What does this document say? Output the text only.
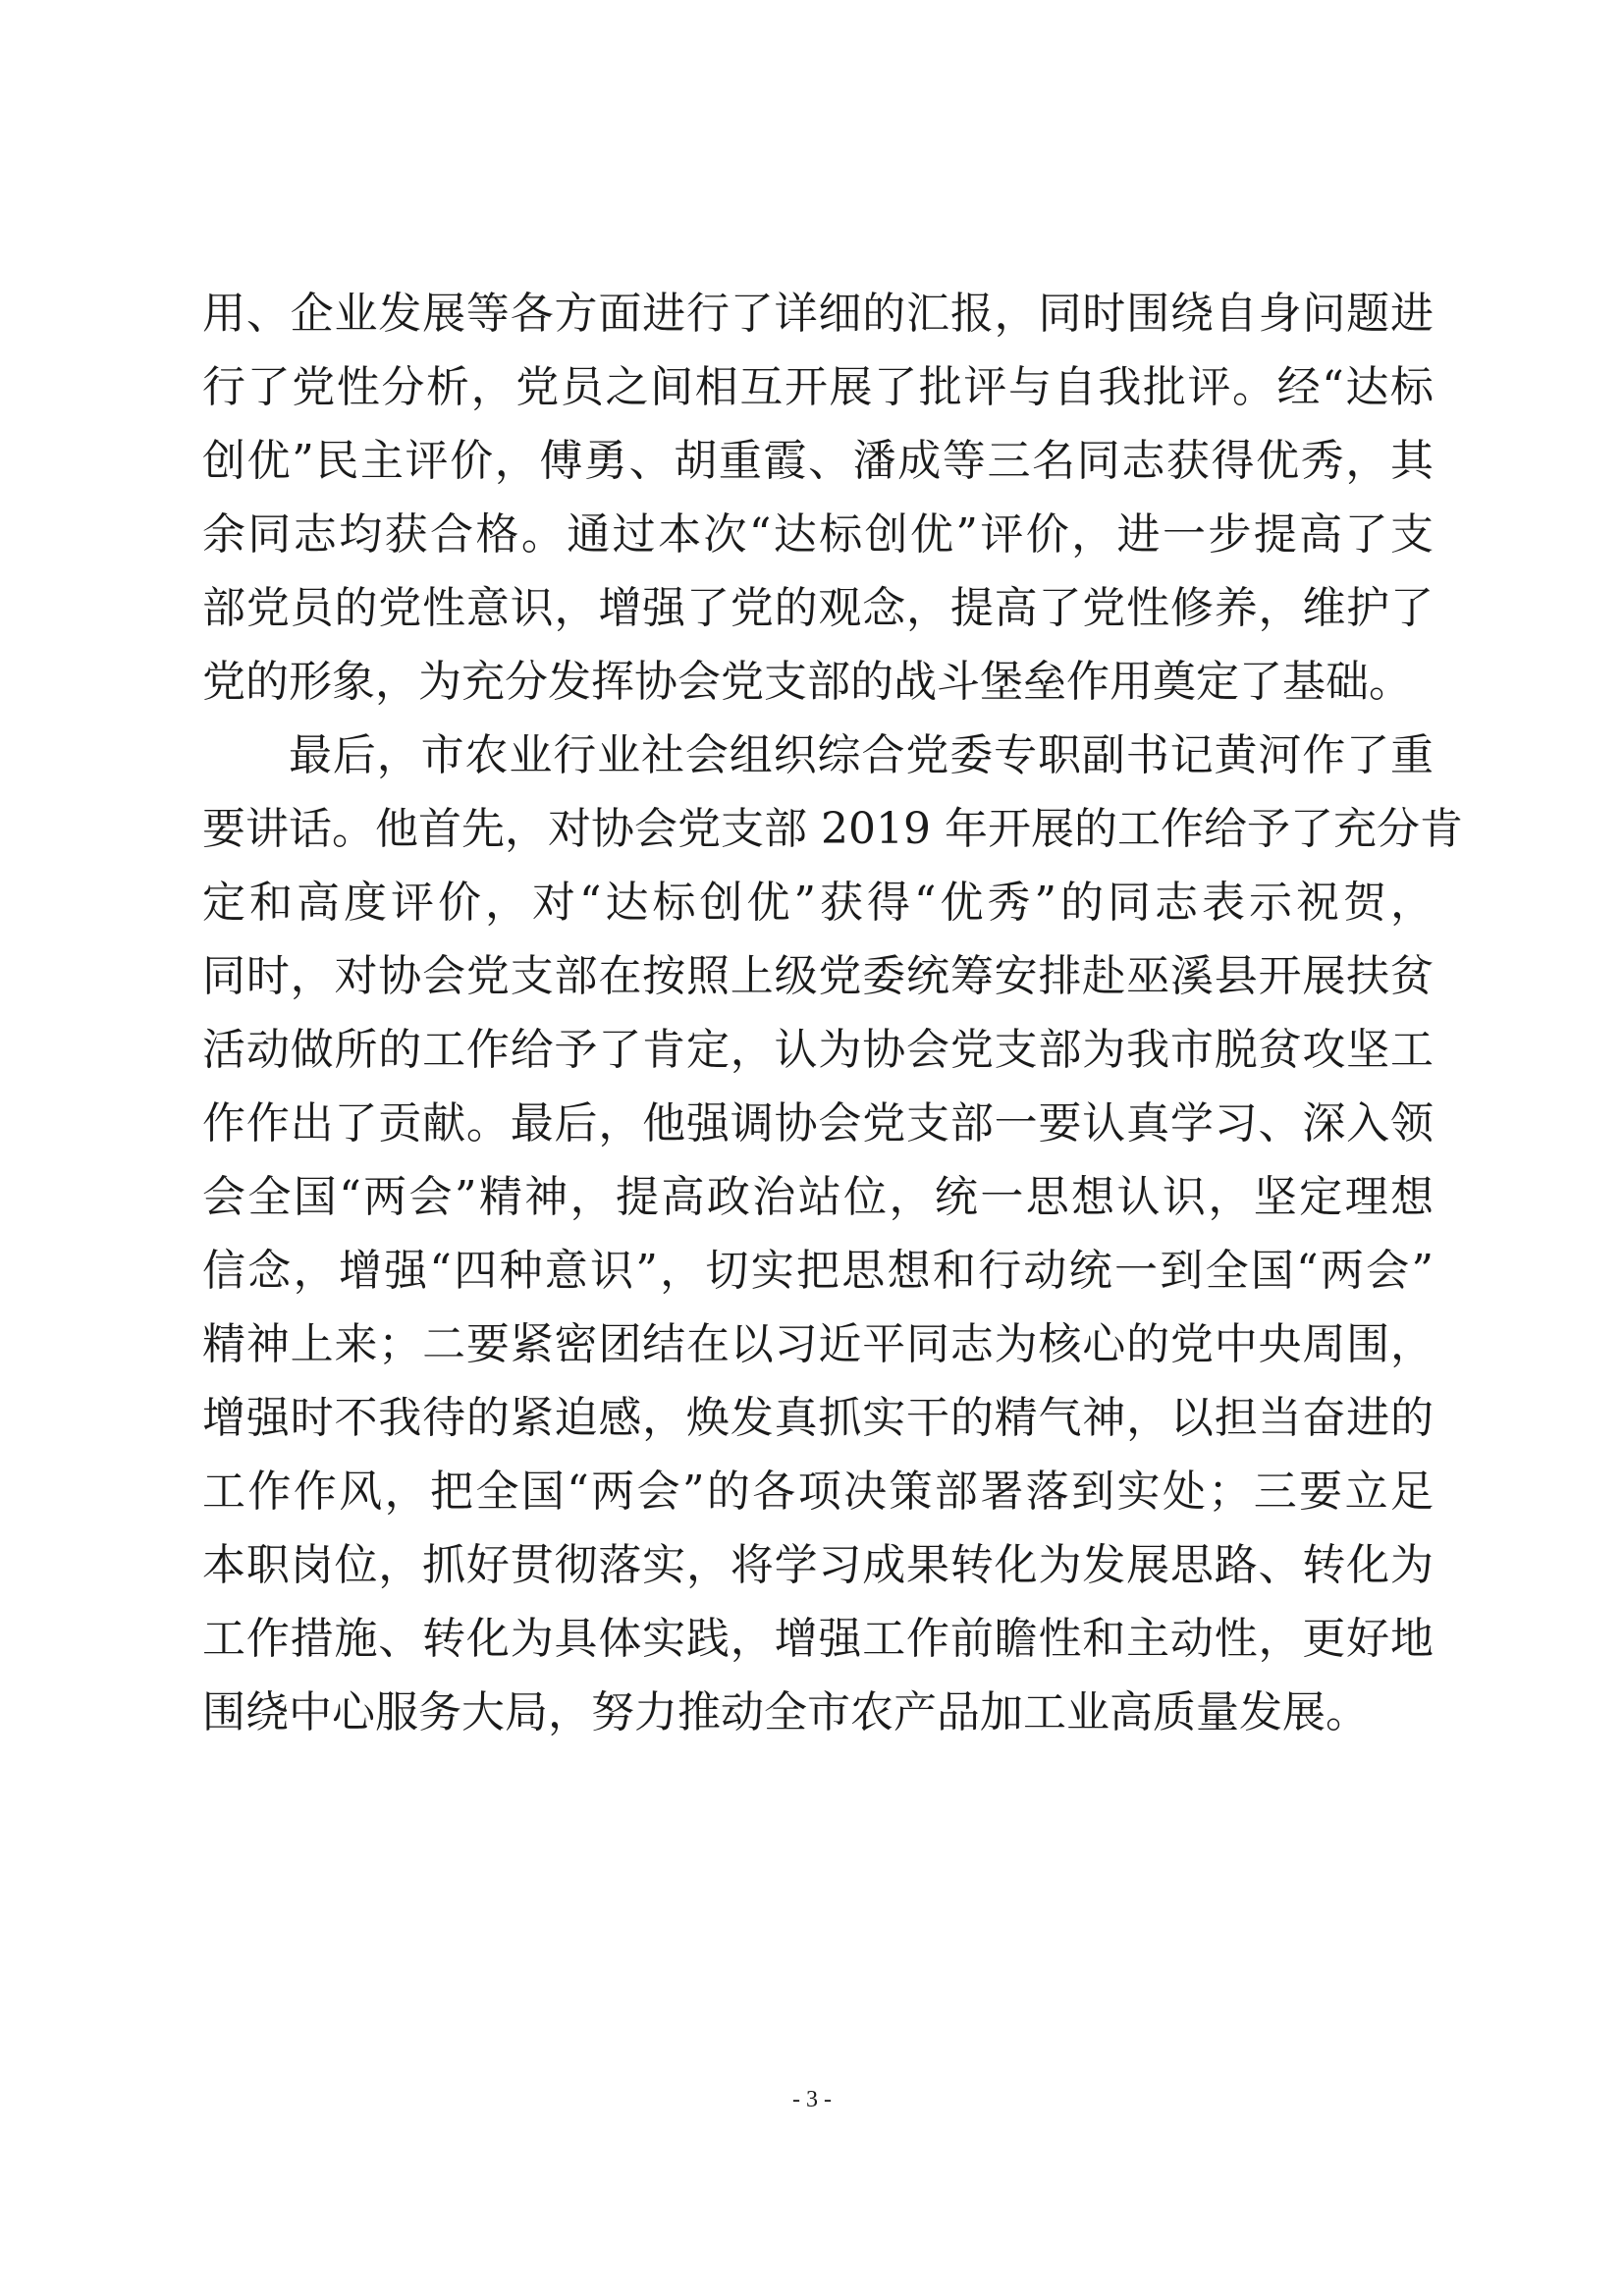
用、企业发展等各方面进行了详细的汇报，同时围绕自身问题进
行了党性分析，党员之间相互开展了批评与自我批评。经“达标
创优”民主评价，傅勇、胡重霞、潘成等三名同志获得优秀，其
余同志均获合格。通过本次“达标创优”评价，进一步提高了支
部党员的党性意识，增强了党的观念，提高了党性修养，维护了
党的形象，为充分发挥协会党支部的战斗堡垒作用奠定了基础。
最后，市农业行业社会组织综合党委专职副书记黄河作了重
要讲话。他首先，对协会党支部 2019 年开展的工作给予了充分肯
定和高度评价，对“达标创优”获得“优秀”的同志表示祝贺，
同时，对协会党支部在按照上级党委统筹安排赴巫溪县开展扶贫
活动做所的工作给予了肯定，认为协会党支部为我市脱贫攻坚工
作作出了贡献。最后，他强调协会党支部一要认真学习、深入领
会全国“两会”精神，提高政治站位，统一思想认识，坚定理想
信念，增强“四种意识”，切实把思想和行动统一到全国“两会”
精神上来；二要紧密团结在以习近平同志为核心的党中央周围，
增强时不我待的紧迫感，焕发真抓实干的精气神，以担当奋进的
工作作风，把全国“两会”的各项决策部署落到实处；三要立足
本职岗位，抓好贯彻落实，将学习成果转化为发展思路、转化为
工作措施、转化为具体实践，增强工作前瞻性和主动性，更好地
围绕中心服务大局，努力推动全市农产品加工业高质量发展。
- 3 -
